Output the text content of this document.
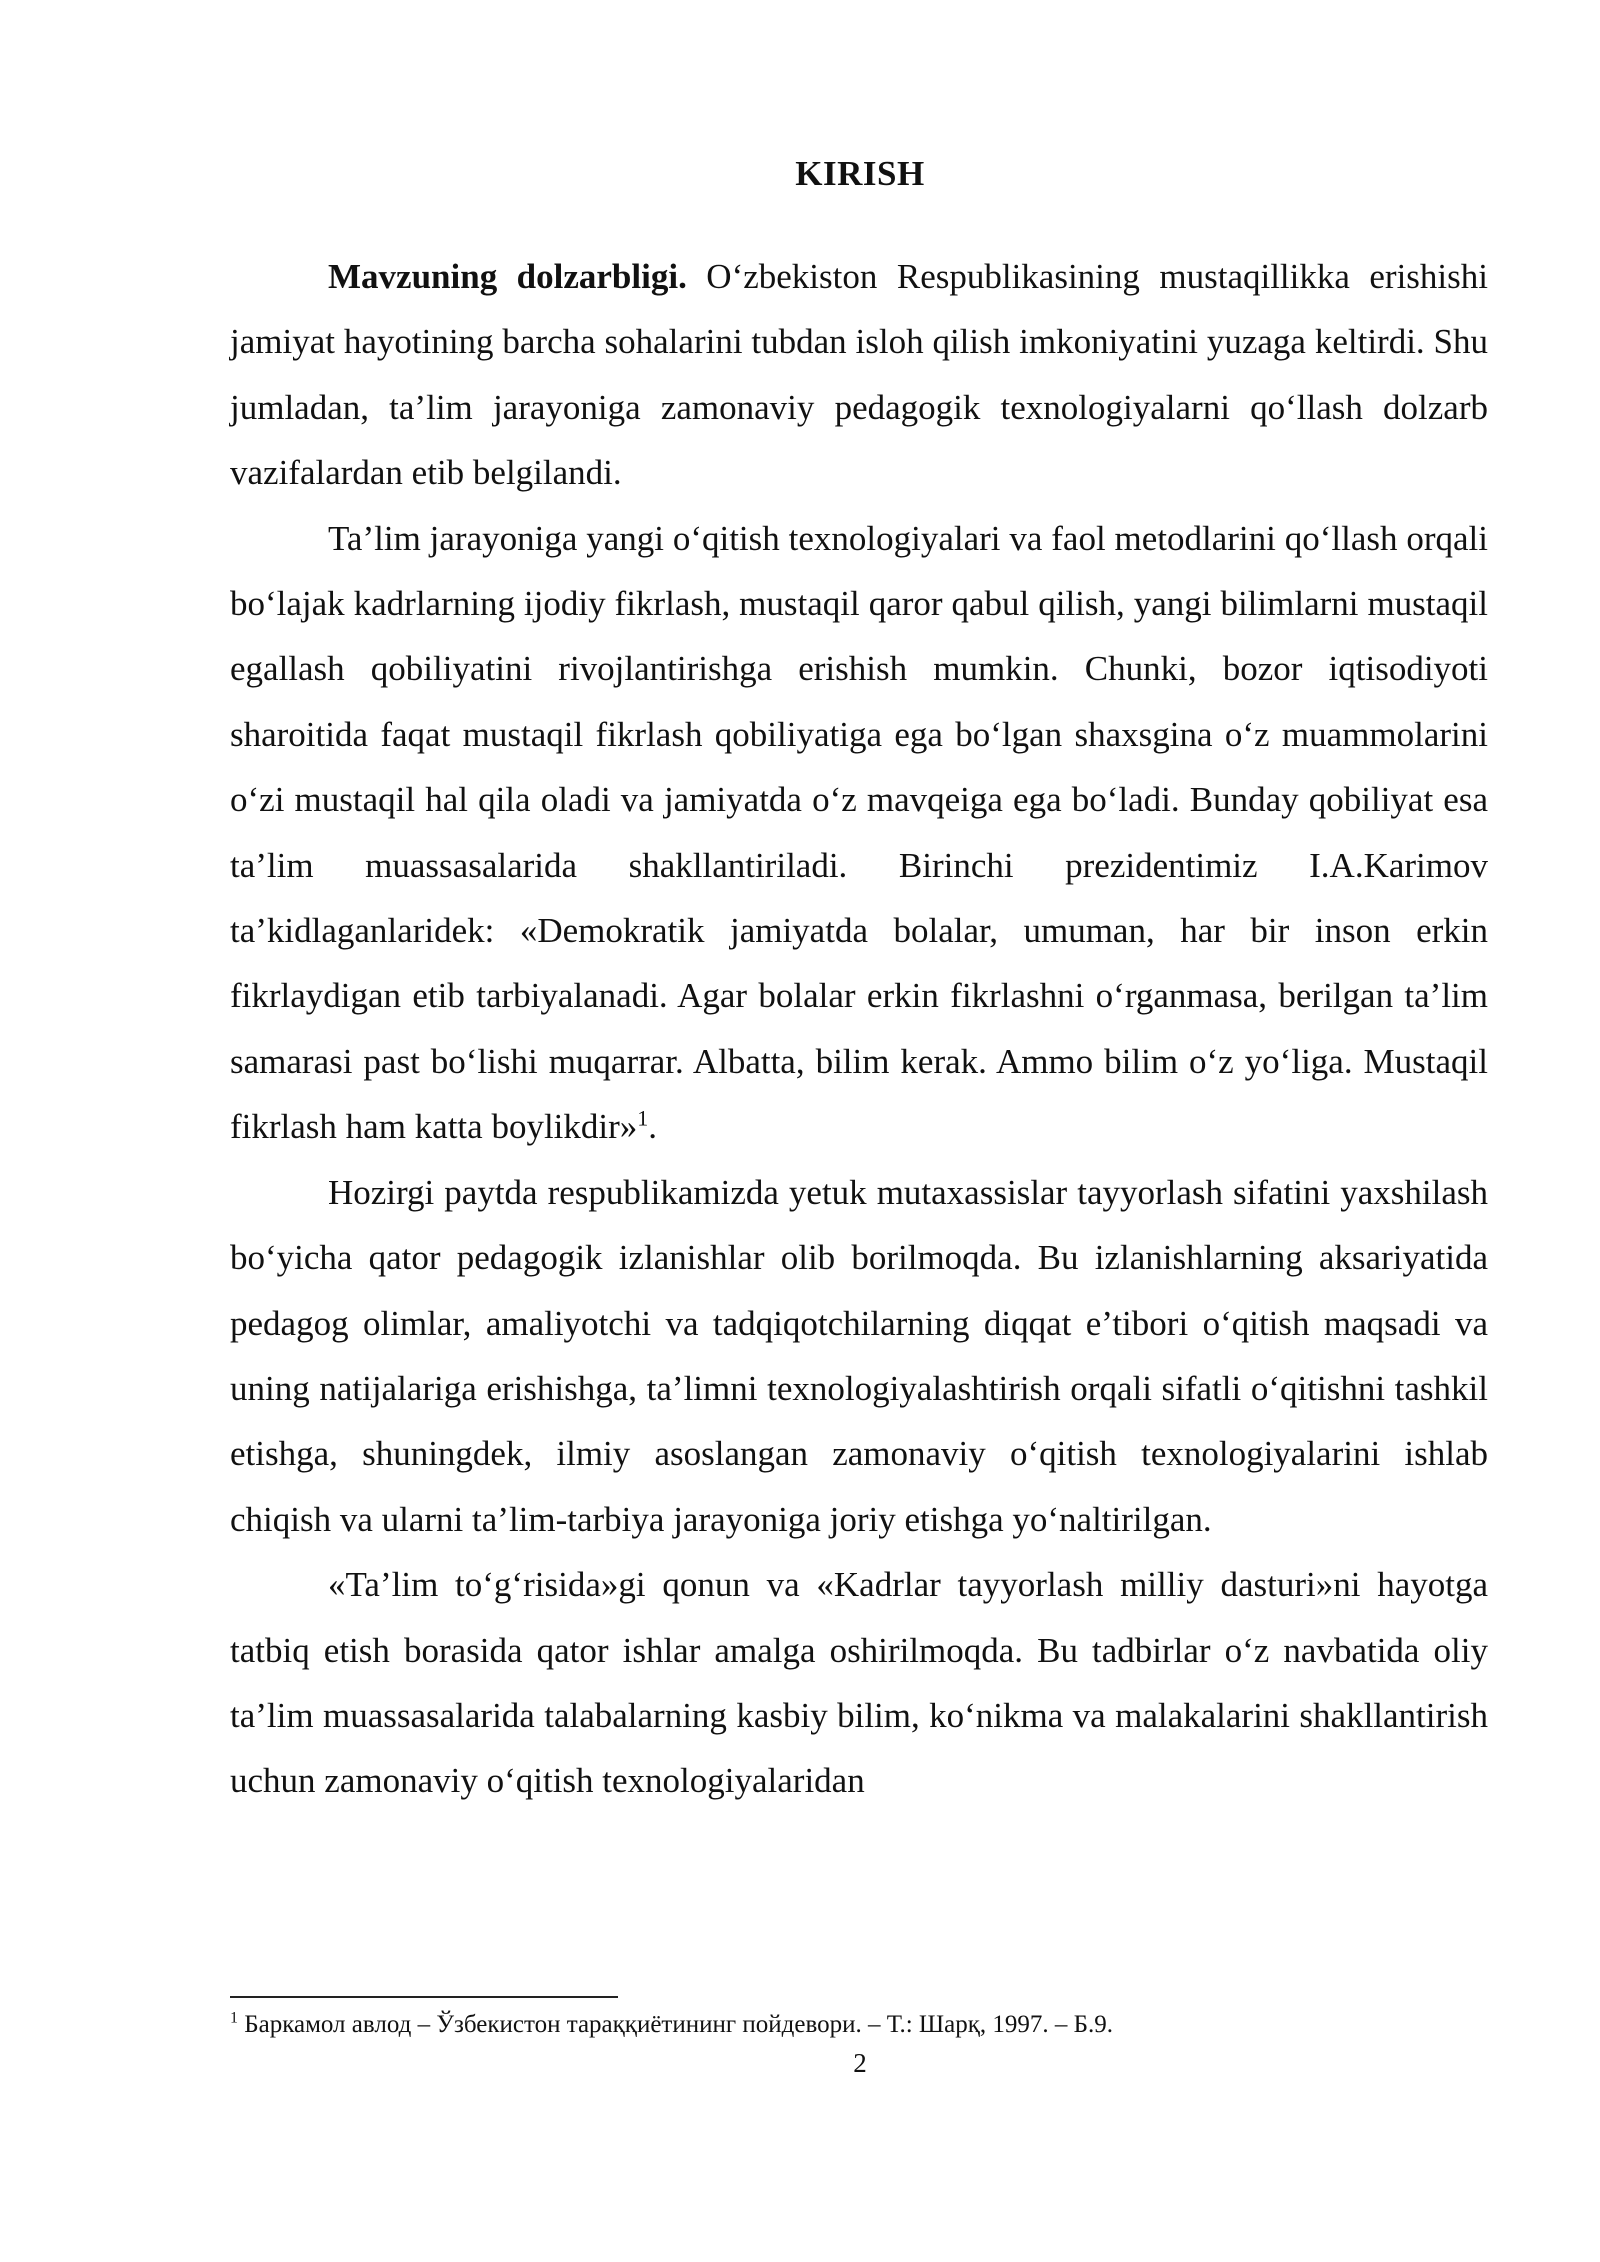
KIRISH

Mavzuning dolzarbligi. O‘zbekiston Respublikasining mustaqillikka erishishi jamiyat hayotining barcha sohalarini tubdan isloh qilish imkoniyatini yuzaga keltirdi. Shu jumladan, ta’lim jarayoniga zamonaviy pedagogik texnologiyalarni qo‘llash dolzarb vazifalardan etib belgilandi.

Ta’lim jarayoniga yangi o‘qitish texnologiyalari va faol metodlarini qo‘llash orqali bo‘lajak kadrlarning ijodiy fikrlash, mustaqil qaror qabul qilish, yangi bilimlarni mustaqil egallash qobiliyatini rivojlantirishga erishish mumkin. Chunki, bozor iqtisodiyoti sharoitida faqat mustaqil fikrlash qobiliyatiga ega bo‘lgan shaxsgina o‘z muammolarini o‘zi mustaqil hal qila oladi va jamiyatda o‘z mavqeiga ega bo‘ladi. Bunday qobiliyat esa ta’lim muassasalarida shakllantiriladi. Birinchi prezidentimiz I.A.Karimov ta’kidlaganlaridek: «Demokratik jamiyatda bolalar, umuman, har bir inson erkin fikrlaydigan etib tarbiyalanadi. Agar bolalar erkin fikrlashni o‘rganmasa, berilgan ta’lim samarasi past bo‘lishi muqarrar. Albatta, bilim kerak. Ammo bilim o‘z yo‘liga. Mustaqil fikrlash ham katta boylikdir»$^1$.

Hozirgi paytda respublikamizda yetuk mutaxassislar tayyorlash sifatini yaxshilash bo‘yicha qator pedagogik izlanishlar olib borilmoqda. Bu izlanishlarning aksariyatida pedagog olimlar, amaliyotchi va tadqiqotchilarning diqqat e’tibori o‘qitish maqsadi va uning natijalariga erishishga, ta’limni texnologiyalashtirish orqali sifatli o‘qitishni tashkil etishga, shuningdek, ilmiy asoslangan zamonaviy o‘qitish texnologiyalarini ishlab chiqish va ularni ta’lim-tarbiya jarayoniga joriy etishga yo‘naltirilgan.

«Ta’lim to‘g‘risida»gi qonun va «Kadrlar tayyorlash milliy dasturi»ni hayotga tatbiq etish borasida qator ishlar amalga oshirilmoqda. Bu tadbirlar o‘z navbatida oliy ta’lim muassasalarida talabalarning kasbiy bilim, ko‘nikma va malakalarini shakllantirish uchun zamonaviy o‘qitish texnologiyalaridan

$^1$ Баркамол авлод – Ўзбекистон тараққиётининг пойдевори. – Т.: Шарқ, 1997. – Б.9.
2
